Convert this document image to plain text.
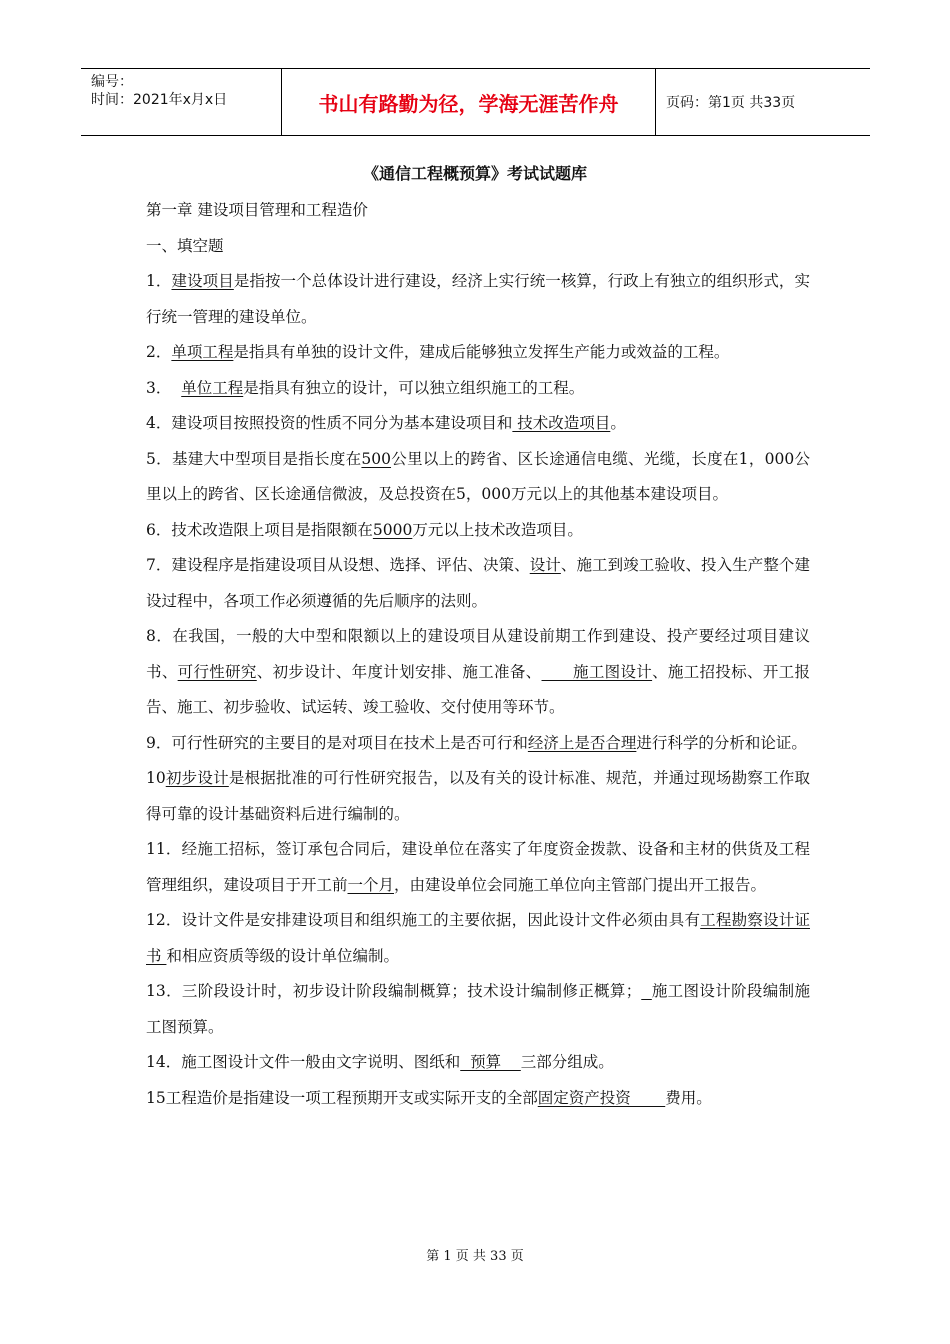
编号：
时间：2021年x月x日	书山有路勤为径，学海无涯苦作舟	页码：第1页 共33页
《通信工程概预算》考试试题库

第一章 建设项目管理和工程造价

一、填空题

1．建设项目是指按一个总体设计进行建设，经济上实行统一核算，行政上有独立的组织形式，实行统一管理的建设单位。

2．单项工程是指具有单独的设计文件，建成后能够独立发挥生产能力或效益的工程。

3．  单位工程是指具有独立的设计，可以独立组织施工的工程。

4．建设项目按照投资的性质不同分为基本建设项目和 技术改造项目。

5．基建大中型项目是指长度在500公里以上的跨省、区长途通信电缆、光缆，长度在1，000公里以上的跨省、区长途通信微波，及总投资在5，000万元以上的其他基本建设项目。

6．技术改造限上项目是指限额在5000万元以上技术改造项目。

7．建设程序是指建设项目从设想、选择、评估、决策、设计、施工到竣工验收、投入生产整个建设过程中，各项工作必须遵循的先后顺序的法则。

8．在我国，一般的大中型和限额以上的建设项目从建设前期工作到建设、投产要经过项目建议书、可行性研究、初步设计、年度计划安排、施工准备、      施工图设计、施工招投标、开工报告、施工、初步验收、试运转、竣工验收、交付使用等环节。

9．可行性研究的主要目的是对项目在技术上是否可行和经济上是否合理进行科学的分析和论证。

10初步设计是根据批准的可行性研究报告，以及有关的设计标准、规范，并通过现场勘察工作取得可靠的设计基础资料后进行编制的。

11．经施工招标，签订承包合同后，建设单位在落实了年度资金拨款、设备和主材的供货及工程管理组织，建设项目于开工前一个月，由建设单位会同施工单位向主管部门提出开工报告。

12．设计文件是安排建设项目和组织施工的主要依据，因此设计文件必须由具有工程勘察设计证书 和相应资质等级的设计单位编制。

13．三阶段设计时，初步设计阶段编制概算；技术设计编制修正概算； 施工图设计阶段编制施工图预算。

14．施工图设计文件一般由文字说明、图纸和  预算    三部分组成。

15工程造价是指建设一项工程预期开支或实际开支的全部固定资产投资       费用。

第 1 页 共 33 页
